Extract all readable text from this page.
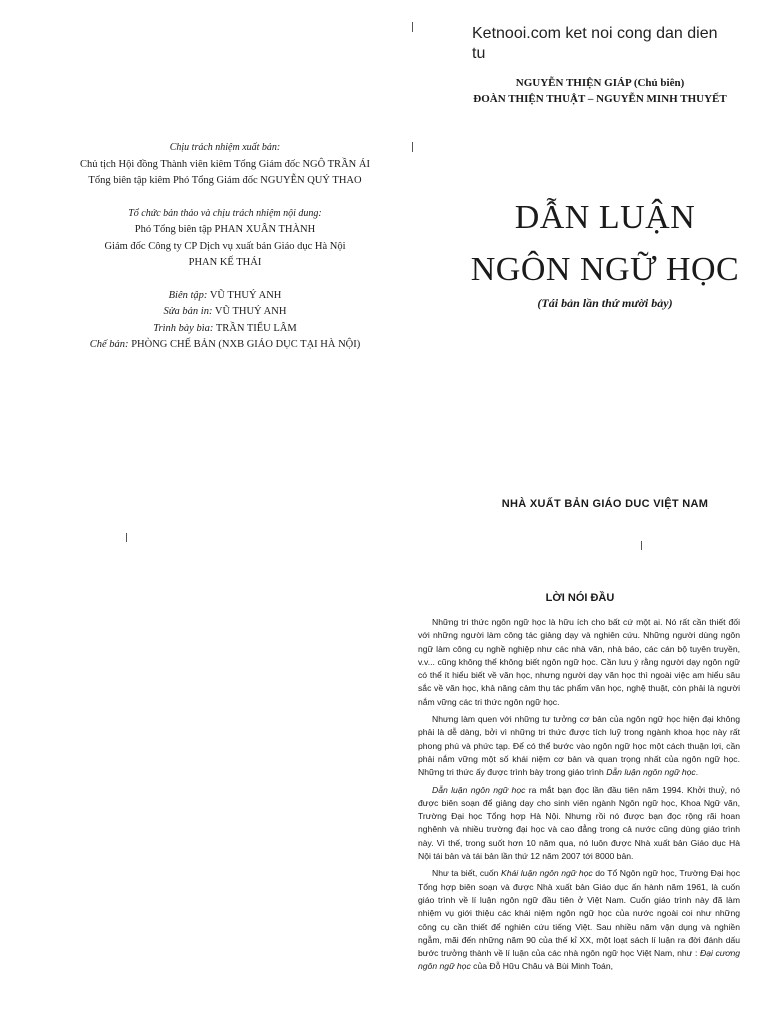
Ketnooi.com ket noi cong dan dien tu
NGUYỄN THIỆN GIÁP (Chủ biên)
ĐOÀN THIỆN THUẬT – NGUYỄN MINH THUYẾT
Chịu trách nhiệm xuất bản:
Chủ tịch Hội đồng Thành viên kiêm Tổng Giám đốc NGÔ TRẦN ÁI
Tổng biên tập kiêm Phó Tổng Giám đốc NGUYỄN QUÝ THAO
Tổ chức bản thảo và chịu trách nhiệm nội dung:
Phó Tổng biên tập PHAN XUÂN THÀNH
Giám đốc Công ty CP Dịch vụ xuất bản Giáo dục Hà Nội
PHAN KẾ THÁI
Biên tập: VŨ THUÝ ANH
Sửa bản in: VŨ THUÝ ANH
Trình bày bìa: TRẦN TIỂU LÂM
Chế bản: PHÒNG CHẾ BẢN (NXB GIÁO DỤC TẠI HÀ NỘI)
DẪN LUẬN
NGÔN NGỮ HỌC
(Tái bản lần thứ mười bảy)
NHÀ XUẤT BẢN GIÁO DUC VIỆT NAM
LỜI NÓI ĐẦU

Những tri thức ngôn ngữ học là hữu ích cho bất cứ một ai. Nó rất cần thiết đối với những người làm công tác giảng dạy và nghiên cứu. Những người dùng ngôn ngữ làm công cụ nghề nghiệp như các nhà văn, nhà báo, các cán bộ tuyên truyền, v.v... cũng không thể không biết ngôn ngữ học. Cần lưu ý rằng người dạy ngôn ngữ có thể ít hiểu biết về văn học, nhưng người dạy văn học thì ngoài việc am hiểu sâu sắc về văn học, khả năng cảm thụ tác phẩm văn học, nghệ thuật, còn phải là người nắm vững các tri thức ngôn ngữ học.

Nhưng làm quen với những tư tưởng cơ bản của ngôn ngữ học hiện đại không phải là dễ dàng, bởi vì những tri thức được tích luỹ trong ngành khoa học này rất phong phú và phức tạp. Để có thể bước vào ngôn ngữ học một cách thuận lợi, cần phải nắm vững một số khái niệm cơ bản và quan trọng nhất của ngôn ngữ học. Những tri thức ấy được trình bày trong giáo trình Dẫn luận ngôn ngữ học.

Dẫn luận ngôn ngữ học ra mắt bạn đọc lần đầu tiên năm 1994. Khởi thuỷ, nó được biên soạn để giảng dạy cho sinh viên ngành Ngôn ngữ học, Khoa Ngữ văn, Trường Đại học Tổng hợp Hà Nội. Nhưng rồi nó được bạn đọc rộng rãi hoan nghênh và nhiều trường đại học và cao đẳng trong cả nước cũng dùng giáo trình này. Vì thế, trong suốt hơn 10 năm qua, nó luôn được Nhà xuất bản Giáo dục Hà Nội tái bản và tái bản lần thứ 12 năm 2007 tới 8000 bản.

Như ta biết, cuốn Khái luận ngôn ngữ học do Tổ Ngôn ngữ học, Trường Đại học Tổng hợp biên soạn và được Nhà xuất bản Giáo dục ấn hành năm 1961, là cuốn giáo trình về lí luận ngôn ngữ đầu tiên ở Việt Nam. Cuốn giáo trình này đã làm nhiệm vụ giới thiệu các khái niệm ngôn ngữ học của nước ngoài coi như những công cụ cần thiết để nghiên cứu tiếng Việt. Sau nhiều năm vận dụng và nghiền ngẫm, mãi đến những năm 90 của thế kỉ XX, một loạt sách lí luận ra đời đánh dấu bước trưởng thành về lí luận của các nhà ngôn ngữ học Việt Nam, như : Đại cương ngôn ngữ học của Đỗ Hữu Châu và Bùi Minh Toán,
